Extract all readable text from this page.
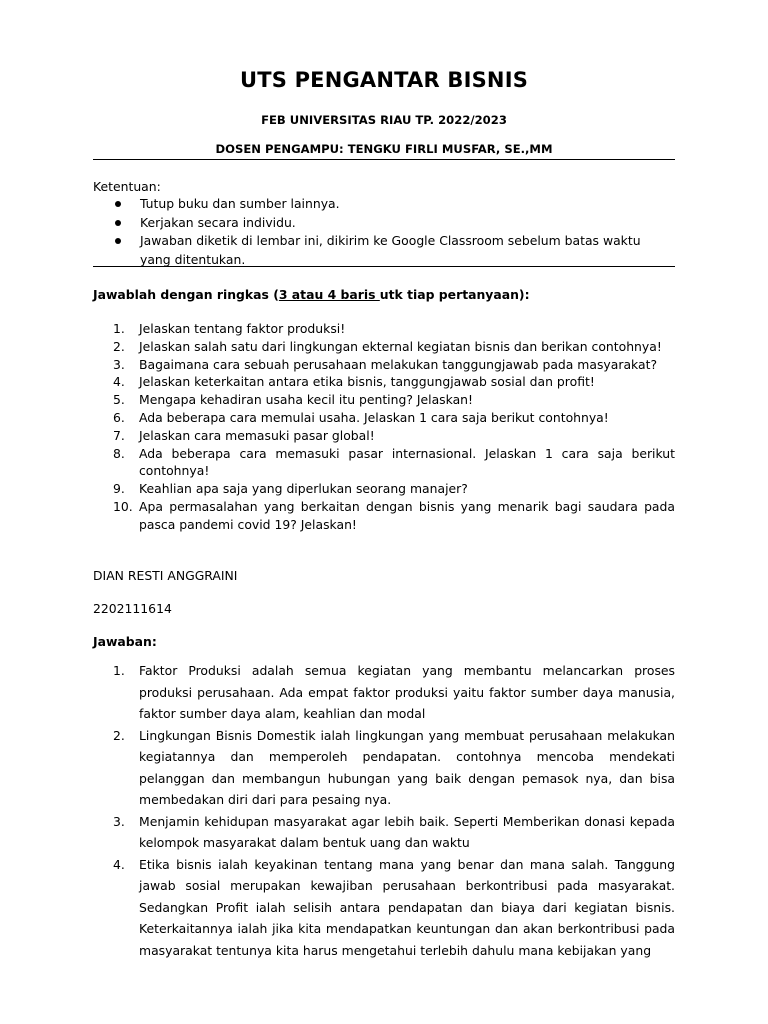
UTS PENGANTAR BISNIS
FEB UNIVERSITAS RIAU TP. 2022/2023
DOSEN PENGAMPU: TENGKU FIRLI MUSFAR, SE.,MM
Ketentuan:
Tutup buku dan sumber lainnya.
Kerjakan secara individu.
Jawaban diketik di lembar ini, dikirim ke Google Classroom sebelum batas waktu yang ditentukan.
Jawablah dengan ringkas (3 atau 4 baris utk tiap pertanyaan):
1. Jelaskan tentang faktor produksi!
2. Jelaskan salah satu dari lingkungan ekternal kegiatan bisnis dan berikan contohnya!
3. Bagaimana cara sebuah perusahaan melakukan tanggungjawab pada masyarakat?
4. Jelaskan keterkaitan antara etika bisnis, tanggungjawab sosial dan profit!
5. Mengapa kehadiran usaha kecil itu penting? Jelaskan!
6. Ada beberapa cara memulai usaha. Jelaskan 1 cara saja berikut contohnya!
7. Jelaskan cara memasuki pasar global!
8. Ada beberapa cara memasuki pasar internasional. Jelaskan 1 cara saja berikut contohnya!
9. Keahlian apa saja yang diperlukan seorang manajer?
10. Apa permasalahan yang berkaitan dengan bisnis yang menarik bagi saudara pada pasca pandemi covid 19? Jelaskan!
DIAN RESTI ANGGRAINI
2202111614
Jawaban:
1. Faktor Produksi adalah semua kegiatan yang membantu melancarkan proses produksi perusahaan. Ada empat faktor produksi yaitu faktor sumber daya manusia, faktor sumber daya alam, keahlian dan modal
2. Lingkungan Bisnis Domestik ialah lingkungan yang membuat perusahaan melakukan kegiatannya dan memperoleh pendapatan. contohnya mencoba mendekati pelanggan dan membangun hubungan yang baik dengan pemasok nya, dan bisa membedakan diri dari para pesaing nya.
3. Menjamin kehidupan masyarakat agar lebih baik. Seperti Memberikan donasi kepada kelompok masyarakat dalam bentuk uang dan waktu
4. Etika bisnis ialah keyakinan tentang mana yang benar dan mana salah. Tanggung jawab sosial merupakan kewajiban perusahaan berkontribusi pada masyarakat. Sedangkan Profit ialah selisih antara pendapatan dan biaya dari kegiatan bisnis. Keterkaitannya ialah jika kita mendapatkan keuntungan dan akan berkontribusi pada masyarakat tentunya kita harus mengetahui terlebih dahulu mana kebijakan yang
